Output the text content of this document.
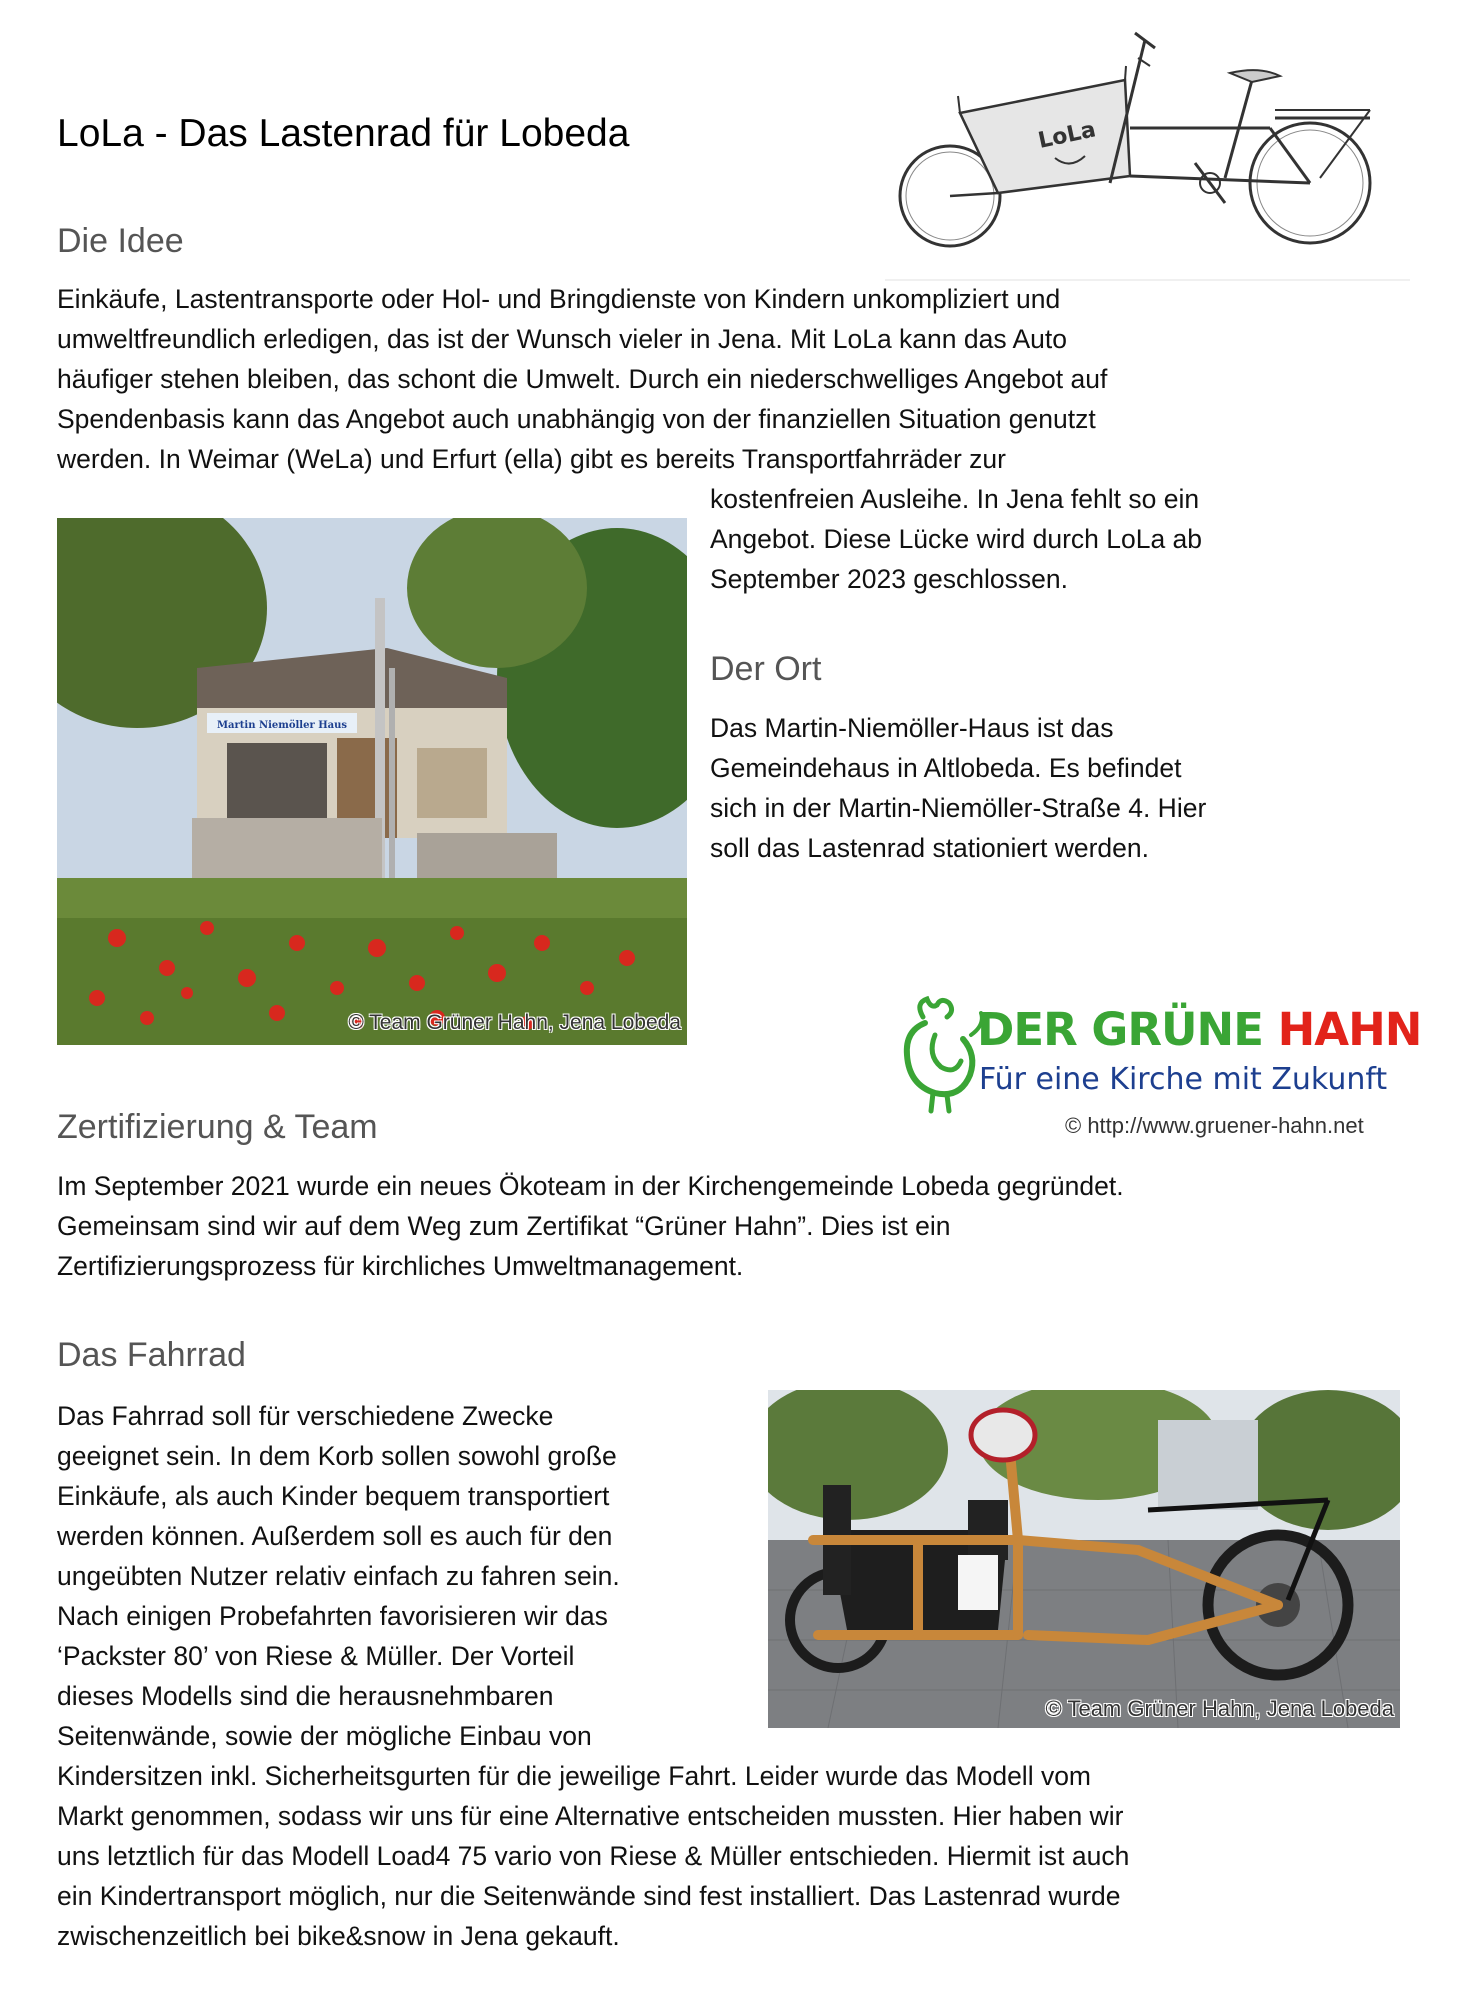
LoLa - Das Lastenrad für Lobeda	LoLa
Die Idee

Einkäufe, Lastentransporte oder Hol- und Bringdienste von Kindern unkompliziert und
umweltfreundlich erledigen, das ist der Wunsch vieler in Jena. Mit LoLa kann das Auto
häufiger stehen bleiben, das schont die Umwelt. Durch ein niederschwelliges Angebot auf
Spendenbasis kann das Angebot auch unabhängig von der finanziellen Situation genutzt
werden. In Weimar (WeLa) und Erfurt (ella) gibt es bereits Transportfahrräder zur

kostenfreien Ausleihe. In Jena fehlt so ein
Angebot. Diese Lücke wird durch LoLa ab
September 2023 geschlossen.

Martin Niemöller Haus
© Team Grüner Hahn, Jena Lobeda
Der Ort

Das Martin-Niemöller-Haus ist das
Gemeindehaus in Altlobeda. Es befindet
sich in der Martin-Niemöller-Straße 4. Hier
soll das Lastenrad stationiert werden.

DER GRÜNE HAHN
Für eine Kirche mit Zukunft
© http://www.gruener-hahn.net
Zertifizierung & Team

Im September 2021 wurde ein neues Ökoteam in der Kirchengemeinde Lobeda gegründet.
Gemeinsam sind wir auf dem Weg zum Zertifikat “Grüner Hahn”. Dies ist ein
Zertifizierungsprozess für kirchliches Umweltmanagement.

Das Fahrrad

Das Fahrrad soll für verschiedene Zwecke
geeignet sein. In dem Korb sollen sowohl große
Einkäufe, als auch Kinder bequem transportiert
werden können. Außerdem soll es auch für den
ungeübten Nutzer relativ einfach zu fahren sein.
Nach einigen Probefahrten favorisieren wir das
‘Packster 80’ von Riese & Müller. Der Vorteil
dieses Modells sind die herausnehmbaren
Seitenwände, sowie der mögliche Einbau von

© Team Grüner Hahn, Jena Lobeda

Kindersitzen inkl. Sicherheitsgurten für die jeweilige Fahrt. Leider wurde das Modell vom
Markt genommen, sodass wir uns für eine Alternative entscheiden mussten. Hier haben wir
uns letztlich für das Modell Load4 75 vario von Riese & Müller entschieden. Hiermit ist auch
ein Kindertransport möglich, nur die Seitenwände sind fest installiert. Das Lastenrad wurde
zwischenzeitlich bei bike&snow in Jena gekauft.
